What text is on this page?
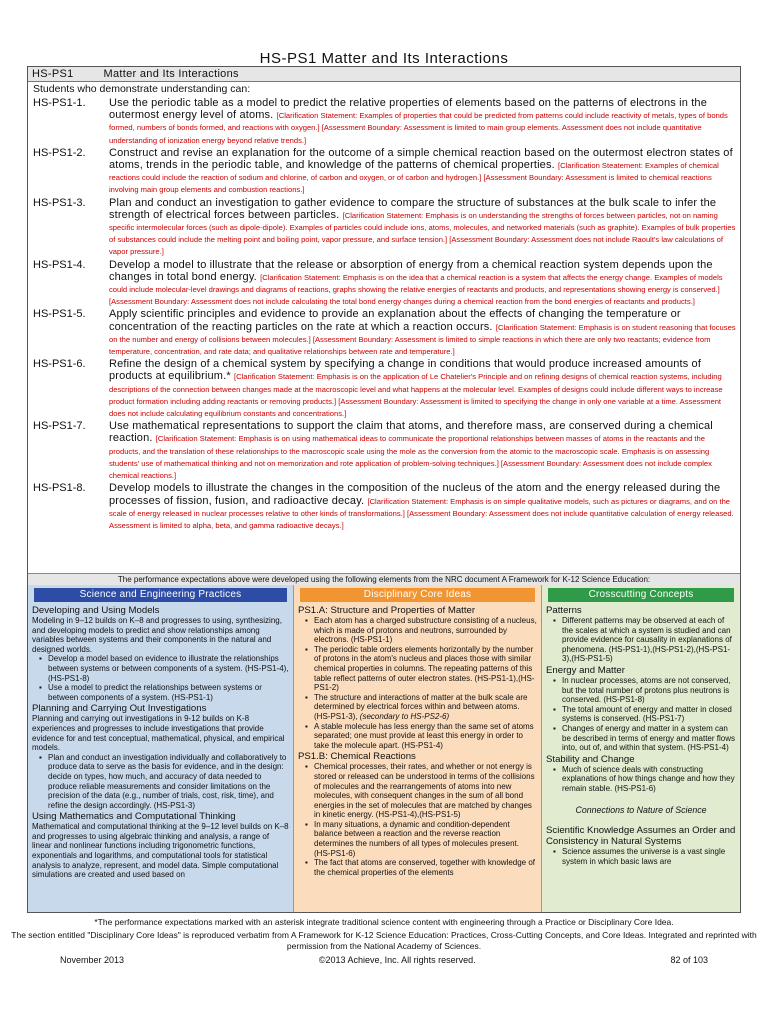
HS-PS1 Matter and Its Interactions
HS-PS1	Matter and Its Interactions
Students who demonstrate understanding can:
HS-PS1-1.	Use the periodic table as a model to predict the relative properties of elements based on the patterns of electrons in the outermost energy level of atoms. [Clarification Statement: Examples of properties that could be predicted from patterns could include reactivity of metals, types of bonds formed, numbers of bonds formed, and reactions with oxygen.] [Assessment Boundary: Assessment is limited to main group elements. Assessment does not include quantitative understanding of ionization energy beyond relative trends.]
HS-PS1-2.	Construct and revise an explanation for the outcome of a simple chemical reaction based on the outermost electron states of atoms, trends in the periodic table, and knowledge of the patterns of chemical properties. [Clarification Steatement: Examples of chemical reactions could include the reaction of sodium and chlorine, of carbon and oxygen, or of carbon and hydrogen.] [Assessment Boundary: Assessment is limited to chemical reactions involving main group elements and combustion reactions.]
HS-PS1-3.	Plan and conduct an investigation to gather evidence to compare the structure of substances at the bulk scale to infer the strength of electrical forces between particles. [Clarification Statement: Emphasis is on understanding the strengths of forces between particles, not on naming specific intermolecular forces (such as dipole-dipole). Examples of particles could include ions, atoms, molecules, and networked materials (such as graphite). Examples of bulk properties of substances could include the melting point and boiling point, vapor pressure, and surface tension.] [Assessment Boundary: Assessment does not include Raoult's law calculations of vapor pressure.]
HS-PS1-4.	Develop a model to illustrate that the release or absorption of energy from a chemical reaction system depends upon the changes in total bond energy. [Clarification Statement: Emphasis is on the idea that a chemical reaction is a system that affects the energy change. Examples of models could include molecular-level drawings and diagrams of reactions, graphs showing the relative energies of reactants and products, and representations showing energy is conserved.] [Assessment Boundary: Assessment does not include calculating the total bond energy changes during a chemical reaction from the bond energies of reactants and products.]
HS-PS1-5.	Apply scientific principles and evidence to provide an explanation about the effects of changing the temperature or concentration of the reacting particles on the rate at which a reaction occurs. [Clarification Statement: Emphasis is on student reasoning that focuses on the number and energy of collisions between molecules.] [Assessment Boundary: Assessment is limited to simple reactions in which there are only two reactants; evidence from temperature, concentration, and rate data; and qualitative relationships between rate and temperature.]
HS-PS1-6.	Refine the design of a chemical system by specifying a change in conditions that would produce increased amounts of products at equilibrium.* [Clarification Statement: Emphasis is on the application of Le Chatelier's Principle and on refining designs of chemical reaction systems, including descriptions of the connection between changes made at the macroscopic level and what happens at the molecular level. Examples of designs could include different ways to increase product formation including adding reactants or removing products.] [Assessment Boundary: Assessment is limited to specifying the change in only one variable at a time. Assessment does not include calculating equilibrium constants and concentrations.]
HS-PS1-7.	Use mathematical representations to support the claim that atoms, and therefore mass, are conserved during a chemical reaction. [Clarification Statement: Emphasis is on using mathematical ideas to communicate the proportional relationships between masses of atoms in the reactants and the products, and the translation of these relationships to the macroscopic scale using the mole as the conversion from the atomic to the macroscopic scale. Emphasis is on assessing students' use of mathematical thinking and not on memorization and rote application of problem-solving techniques.] [Assessment Boundary: Assessment does not include complex chemical reactions.]
HS-PS1-8.	Develop models to illustrate the changes in the composition of the nucleus of the atom and the energy released during the processes of fission, fusion, and radioactive decay. [Clarification Statement: Emphasis is on simple qualitative models, such as pictures or diagrams, and on the scale of energy released in nuclear processes relative to other kinds of transformations.] [Assessment Boundary: Assessment does not include quantitative calculation of energy released. Assessment is limited to alpha, beta, and gamma radioactive decays.]
The performance expectations above were developed using the following elements from the NRC document A Framework for K-12 Science Education:
Science and Engineering Practices
Developing and Using Models
Modeling in 9–12 builds on K–8 and progresses to using, synthesizing, and developing models to predict and show relationships among variables between systems and their components in the natural and designed worlds.
▪ Develop a model based on evidence to illustrate the relationships between systems or between components of a system. (HS-PS1-4),(HS-PS1-8)
▪ Use a model to predict the relationships between systems or between components of a system. (HS-PS1-1)
Planning and Carrying Out Investigations
Planning and carrying out investigations in 9-12 builds on K-8 experiences and progresses to include investigations that provide evidence for and test conceptual, mathematical, physical, and empirical models.
▪ Plan and conduct an investigation individually and collaboratively to produce data to serve as the basis for evidence, and in the design: decide on types, how much, and accuracy of data needed to produce reliable measurements and consider limitations on the precision of the data (e.g., number of trials, cost, risk, time), and refine the design accordingly. (HS-PS1-3)
Using Mathematics and Computational Thinking
Mathematical and computational thinking at the 9–12 level builds on K–8 and progresses to using algebraic thinking and analysis, a range of linear and nonlinear functions including trigonometric functions, exponentials and logarithms, and computational tools for statistical analysis to analyze, represent, and model data. Simple computational simulations are created and used based on
Disciplinary Core Ideas
PS1.A: Structure and Properties of Matter
▪ Each atom has a charged substructure consisting of a nucleus, which is made of protons and neutrons, surrounded by electrons. (HS-PS1-1)
▪ The periodic table orders elements horizontally by the number of protons in the atom's nucleus and places those with similar chemical properties in columns. The repeating patterns of this table reflect patterns of outer electron states. (HS-PS1-1),(HS-PS1-2)
▪ The structure and interactions of matter at the bulk scale are determined by electrical forces within and between atoms. (HS-PS1-3), (secondary to HS-PS2-6)
▪ A stable molecule has less energy than the same set of atoms separated; one must provide at least this energy in order to take the molecule apart. (HS-PS1-4)
PS1.B: Chemical Reactions
▪ Chemical processes, their rates, and whether or not energy is stored or released can be understood in terms of the collisions of molecules and the rearrangements of atoms into new molecules, with consequent changes in the sum of all bond energies in the set of molecules that are matched by changes in kinetic energy. (HS-PS1-4),(HS-PS1-5)
▪ In many situations, a dynamic and condition-dependent balance between a reaction and the reverse reaction determines the numbers of all types of molecules present. (HS-PS1-6)
▪ The fact that atoms are conserved, together with knowledge of the chemical properties of the elements
Crosscutting Concepts
Patterns
▪ Different patterns may be observed at each of the scales at which a system is studied and can provide evidence for causality in explanations of phenomena. (HS-PS1-1),(HS-PS1-2),(HS-PS1-3),(HS-PS1-5)
Energy and Matter
▪ In nuclear processes, atoms are not conserved, but the total number of protons plus neutrons is conserved. (HS-PS1-8)
▪ The total amount of energy and matter in closed systems is conserved. (HS-PS1-7)
▪ Changes of energy and matter in a system can be described in terms of energy and matter flows into, out of, and within that system. (HS-PS1-4)
Stability and Change
▪ Much of science deals with constructing explanations of how things change and how they remain stable. (HS-PS1-6)
Connections to Nature of Science
Scientific Knowledge Assumes an Order and Consistency in Natural Systems
▪ Science assumes the universe is a vast single system in which basic laws are
*The performance expectations marked with an asterisk integrate traditional science content with engineering through a Practice or Disciplinary Core Idea.
The section entitled "Disciplinary Core Ideas" is reproduced verbatim from A Framework for K-12 Science Education: Practices, Cross-Cutting Concepts, and Core Ideas. Integrated and reprinted with permission from the National Academy of Sciences.
November 2013	©2013 Achieve, Inc. All rights reserved.	82 of 103
